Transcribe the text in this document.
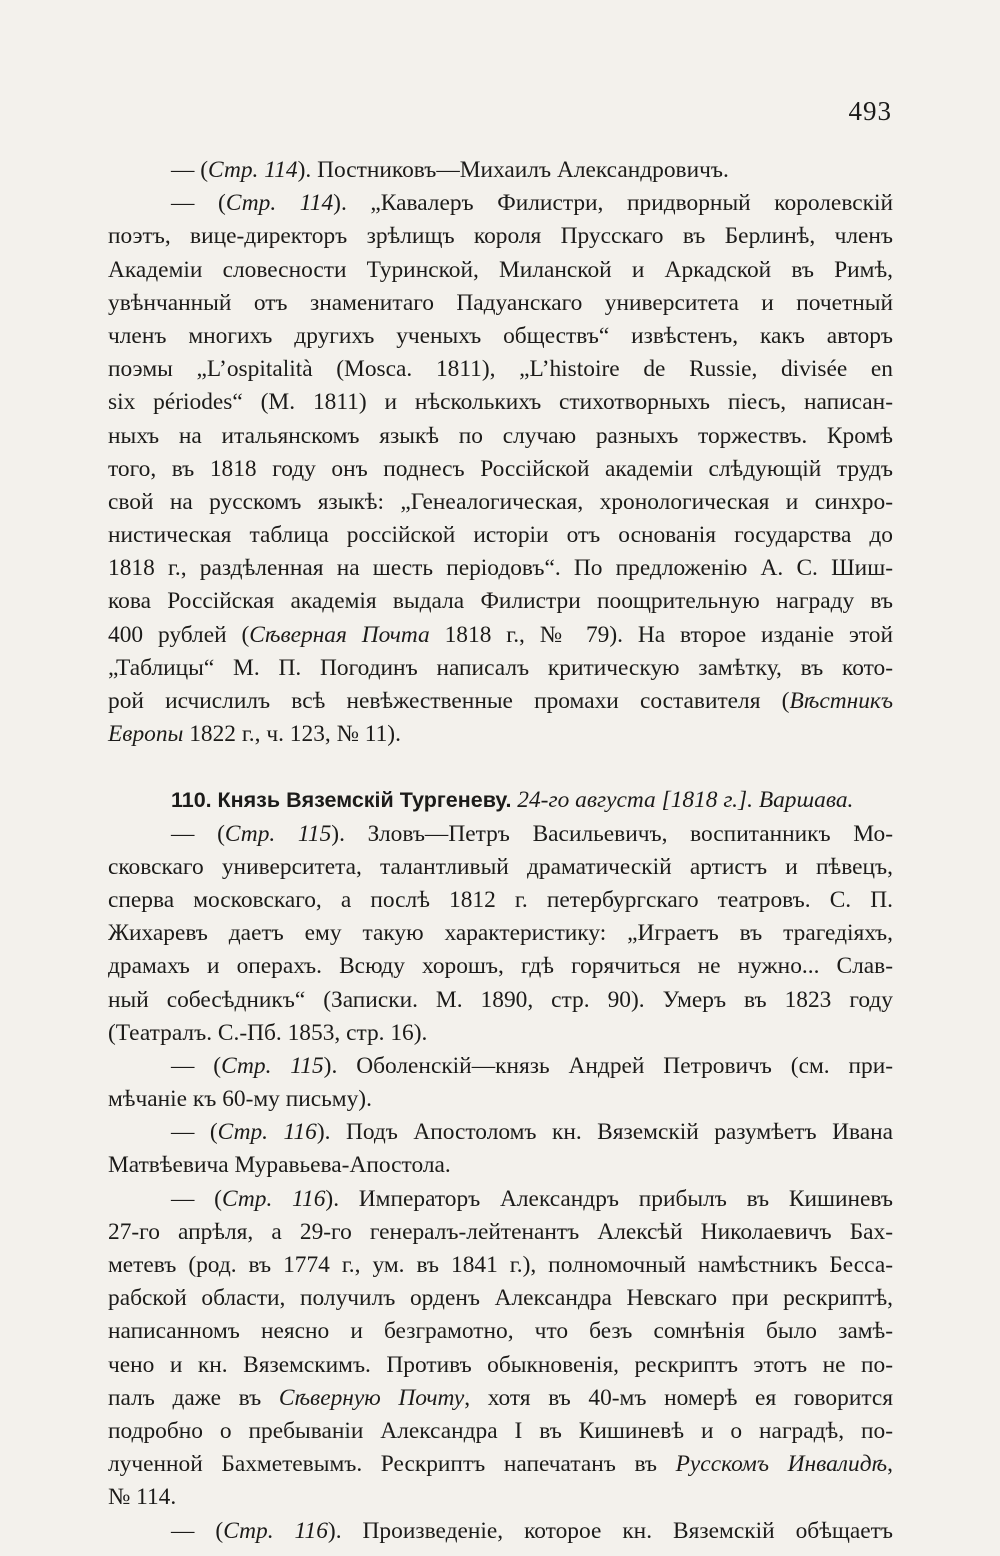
493
— (Стр. 114). Постниковъ—Михаилъ Александровичъ.
— (Стр. 114). „Кавалеръ Филистри, придворный королевскій
поэтъ, вице-директоръ зрѣлищъ короля Прусскаго въ Берлинѣ, членъ
Академіи словесности Туринской, Миланской и Аркадской въ Римѣ,
увѣнчанный отъ знаменитаго Падуанскаго университета и почетный
членъ многихъ другихъ ученыхъ обществъ“ извѣстенъ, какъ авторъ
поэмы „L’ospitalità (Mosca. 1811), „L’histoire de Russie, divisée en
six périodes“ (М. 1811) и нѣсколькихъ стихотворныхъ піесъ, написан-
ныхъ на итальянскомъ языкѣ по случаю разныхъ торжествъ. Кромѣ
того, въ 1818 году онъ поднесъ Россійской академіи слѣдующій трудъ
свой на русскомъ языкѣ: „Генеалогическая, хронологическая и синхро-
нистическая таблица россійской исторіи отъ основанія государства до
1818 г., раздѣленная на шесть періодовъ“. По предложенію А. С. Шиш-
кова Россійская академія выдала Филистри поощрительную награду въ
400 рублей (Сѣверная Почта 1818 г., № 79). На второе изданіе этой
„Таблицы“ М. П. Погодинъ написалъ критическую замѣтку, въ кото-
рой исчислилъ всѣ невѣжественные промахи составителя (Вѣстникъ
Европы 1822 г., ч. 123, № 11).
110. Князь Вяземскій Тургеневу. 24-го августа [1818 г.]. Варшава.
— (Стр. 115). Зловъ—Петръ Васильевичъ, воспитанникъ Мо-
сковскаго университета, талантливый драматическій артистъ и пѣвецъ,
сперва московскаго, а послѣ 1812 г. петербургскаго театровъ. С. П.
Жихаревъ даетъ ему такую характеристику: „Играетъ въ трагедіяхъ,
драмахъ и операхъ. Всюду хорошъ, гдѣ горячиться не нужно... Слав-
ный собесѣдникъ“ (Записки. М. 1890, стр. 90). Умеръ въ 1823 году
(Театралъ. С.-Пб. 1853, стр. 16).
— (Стр. 115). Оболенскій—князь Андрей Петровичъ (см. при-
мѣчаніе къ 60-му письму).
— (Стр. 116). Подъ Апостоломъ кн. Вяземскій разумѣетъ Ивана
Матвѣевича Муравьева-Апостола.
— (Стр. 116). Императоръ Александръ прибылъ въ Кишиневъ
27-го апрѣля, а 29-го генералъ-лейтенантъ Алексѣй Николаевичъ Бах-
метевъ (род. въ 1774 г., ум. въ 1841 г.), полномочный намѣстникъ Бесса-
рабской области, получилъ орденъ Александра Невскаго при рескриптѣ,
написанномъ неясно и безграмотно, что безъ сомнѣнія было замѣ-
чено и кн. Вяземскимъ. Противъ обыкновенія, рескриптъ этотъ не по-
палъ даже въ Сѣверную Почту, хотя въ 40-мъ номерѣ ея говорится
подробно о пребываніи Александра I въ Кишиневѣ и о наградѣ, по-
лученной Бахметевымъ. Рескриптъ напечатанъ въ Русскомъ Инвалидѣ,
№ 114.
— (Стр. 116). Произведеніе, которое кн. Вяземскій обѣщаетъ
